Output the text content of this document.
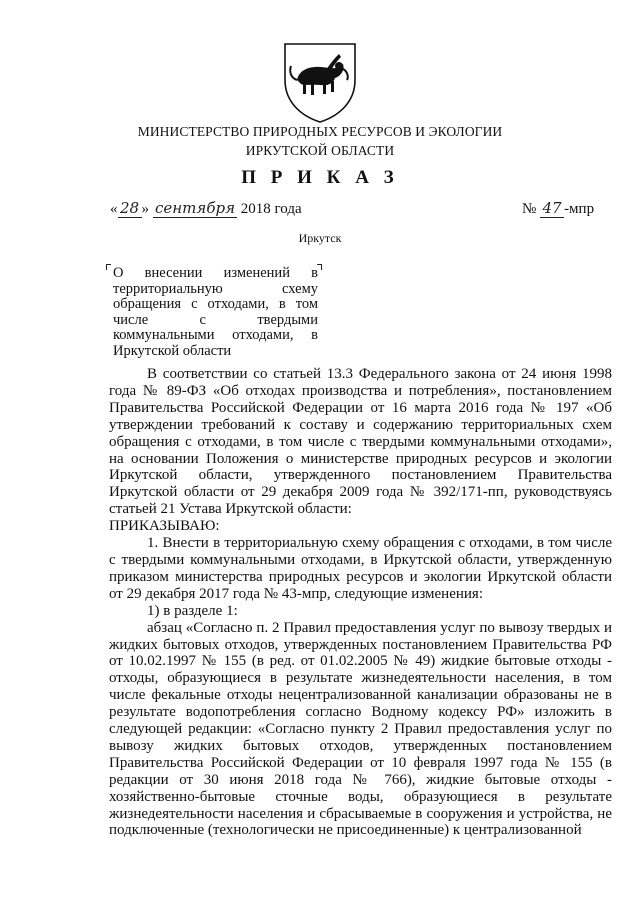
МИНИСТЕРСТВО ПРИРОДНЫХ РЕСУРСОВ И ЭКОЛОГИИ
ИРКУТСКОЙ ОБЛАСТИ
П Р И К А З
« 28 » сентября 2018 года	№ 47 -мпр
Иркутск
О внесении изменений в
территориальную схему
обращения с отходами, в том
числе с твердыми
коммунальными отходами, в
Иркутской области

В соответствии со статьей 13.3 Федерального закона от 24 июня 1998 года № 89-ФЗ «Об отходах производства и потребления», постановлением Правительства Российской Федерации от 16 марта 2016 года № 197 «Об утверждении требований к составу и содержанию территориальных схем обращения с отходами, в том числе с твердыми коммунальными отходами», на основании Положения о министерстве природных ресурсов и экологии Иркутской области, утвержденного постановлением Правительства Иркутской области от 29 декабря 2009 года № 392/171-пп, руководствуясь статьей 21 Устава Иркутской области:

ПРИКАЗЫВАЮ:

1. Внести в территориальную схему обращения с отходами, в том числе с твердыми коммунальными отходами, в Иркутской области, утвержденную приказом министерства природных ресурсов и экологии Иркутской области от 29 декабря 2017 года № 43-мпр, следующие изменения:

1) в разделе 1:

абзац «Согласно п. 2 Правил предоставления услуг по вывозу твердых и жидких бытовых отходов, утвержденных постановлением Правительства РФ от 10.02.1997 № 155 (в ред. от 01.02.2005 № 49) жидкие бытовые отходы - отходы, образующиеся в результате жизнедеятельности населения, в том числе фекальные отходы нецентрализованной канализации образованы не в результате водопотребления согласно Водному кодексу РФ» изложить в следующей редакции: «Согласно пункту 2 Правил предоставления услуг по вывозу жидких бытовых отходов, утвержденных постановлением Правительства Российской Федерации от 10 февраля 1997 года № 155 (в редакции от 30 июня 2018 года № 766), жидкие бытовые отходы - хозяйственно-бытовые сточные воды, образующиеся в результате жизнедеятельности населения и сбрасываемые в сооружения и устройства, не подключенные (технологически не присоединенные) к централизованной
